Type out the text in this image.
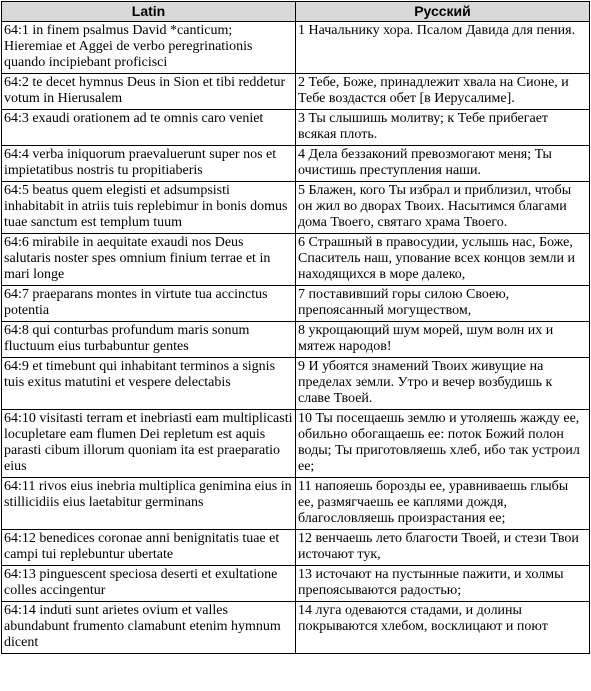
Latin	Русский
64:1 in finem psalmus David *canticum; Hieremiae et Aggei de verbo peregrinationis quando incipiebant proficisci	1 Начальнику хора. Псалом Давида для пения.
64:2 te decet hymnus Deus in Sion et tibi reddetur votum in Hierusalem	2 Тебе, Боже, принадлежит хвала на Сионе, и Тебе воздастся обет [в Иерусалиме].
64:3 exaudi orationem ad te omnis caro veniet	3 Ты слышишь молитву; к Тебе прибегает всякая плоть.
64:4 verba iniquorum praevaluerunt super nos et impietatibus nostris tu propitiaberis	4 Дела беззаконий превозмогают меня; Ты очистишь преступления наши.
64:5 beatus quem elegisti et adsumpsisti inhabitabit in atriis tuis replebimur in bonis domus tuae sanctum est templum tuum	5 Блажен, кого Ты избрал и приблизил, чтобы он жил во дворах Твоих. Насытимся благами дома Твоего, святаго храма Твоего.
64:6 mirabile in aequitate exaudi nos Deus salutaris noster spes omnium finium terrae et in mari longe	6 Страшный в правосудии, услышь нас, Боже, Спаситель наш, упование всех концов земли и находящихся в море далеко,
64:7 praeparans montes in virtute tua accinctus potentia	7 поставивший горы силою Своею, препоясанный могуществом,
64:8 qui conturbas profundum maris sonum fluctuum eius turbabuntur gentes	8 укрощающий шум морей, шум волн их и мятеж народов!
64:9 et timebunt qui inhabitant terminos a signis tuis exitus matutini et vespere delectabis	9 И убоятся знамений Твоих живущие на пределах земли. Утро и вечер возбудишь к славе Твоей.
64:10 visitasti terram et inebriasti eam multiplicasti locupletare eam flumen Dei repletum est aquis parasti cibum illorum quoniam ita est praeparatio eius	10 Ты посещаешь землю и утоляешь жажду ее, обильно обогащаешь ее: поток Божий полон воды; Ты приготовляешь хлеб, ибо так устроил ее;
64:11 rivos eius inebria multiplica genimina eius in stillicidiis eius laetabitur germinans	11 напояешь борозды ее, уравниваешь глыбы ее, размягчаешь ее каплями дождя, благословляешь произрастания ее;
64:12 benedices coronae anni benignitatis tuae et campi tui replebuntur ubertate	12 венчаешь лето благости Твоей, и стези Твои источают тук,
64:13 pinguescent speciosa deserti et exultatione colles accingentur	13 источают на пустынные пажити, и холмы препоясываются радостью;
64:14 induti sunt arietes ovium et valles abundabunt frumento clamabunt etenim hymnum dicent	14 луга одеваются стадами, и долины покрываются хлебом, восклицают и поют
